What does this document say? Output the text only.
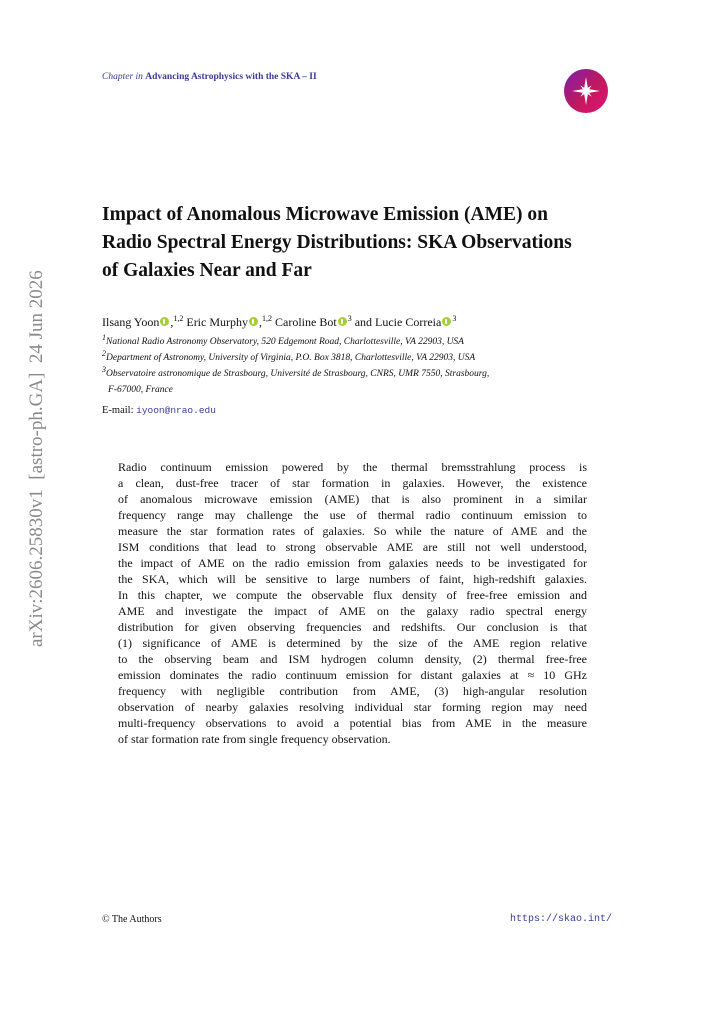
arXiv:2606.25830v1  [astro-ph.GA]  24 Jun 2026
Chapter in Advancing Astrophysics with the SKA – II
Impact of Anomalous Microwave Emission (AME) on
Radio Spectral Energy Distributions: SKA Observations
of Galaxies Near and Far
Ilsang Yoon ,$^{1,2}$ Eric Murphy ,$^{1,2}$ Caroline Bot $^3$ and Lucie Correia $^3$
$^1$National Radio Astronomy Observatory, 520 Edgemont Road, Charlottesville, VA 22903, USA
$^2$Department of Astronomy, University of Virginia, P.O. Box 3818, Charlottesville, VA 22903, USA
$^3$Observatoire astronomique de Strasbourg, Université de Strasbourg, CNRS, UMR 7550, Strasbourg,
F-67000, France
E-mail: iyoon@nrao.edu

Radio continuum emission powered by the thermal bremsstrahlung process is

a clean, dust-free tracer of star formation in galaxies. However, the existence

of anomalous microwave emission (AME) that is also prominent in a similar

frequency range may challenge the use of thermal radio continuum emission to

measure the star formation rates of galaxies. So while the nature of AME and the

ISM conditions that lead to strong observable AME are still not well understood,

the impact of AME on the radio emission from galaxies needs to be investigated for

the SKA, which will be sensitive to large numbers of faint, high-redshift galaxies.

In this chapter, we compute the observable flux density of free-free emission and

AME and investigate the impact of AME on the galaxy radio spectral energy

distribution for given observing frequencies and redshifts. Our conclusion is that

(1) significance of AME is determined by the size of the AME region relative

to the observing beam and ISM hydrogen column density, (2) thermal free-free

emission dominates the radio continuum emission for distant galaxies at ≈ 10 GHz

frequency with negligible contribution from AME, (3) high-angular resolution

observation of nearby galaxies resolving individual star forming region may need

multi-frequency observations to avoid a potential bias from AME in the measure

of star formation rate from single frequency observation.

© The Authors	https://skao.int/
